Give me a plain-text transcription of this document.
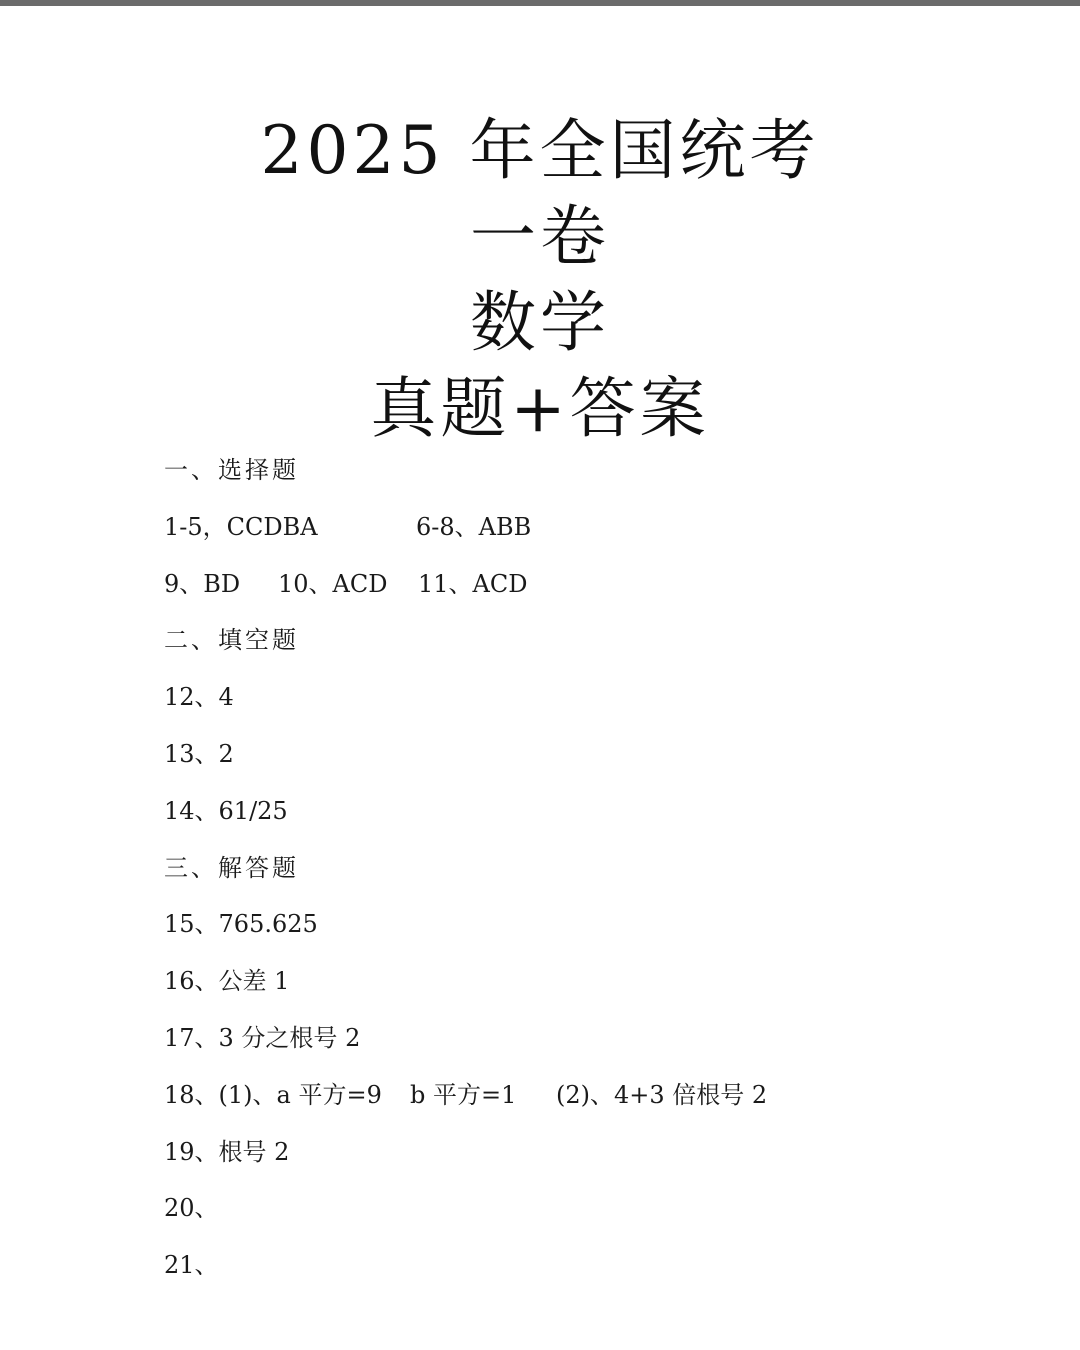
2025 年全国统考
一卷
数学
真题+答案
一、选择题
1-5，CCDBA	6-8、ABB
9、BD 10、ACD 11、ACD
二、填空题
12、4
13、2
14、61/25
三、解答题
15、765.625
16、公差 1
17、3 分之根号 2
18、(1)、a 平方=9 b 平方=1 (2)、4+3 倍根号 2
19、根号 2
20、
21、
